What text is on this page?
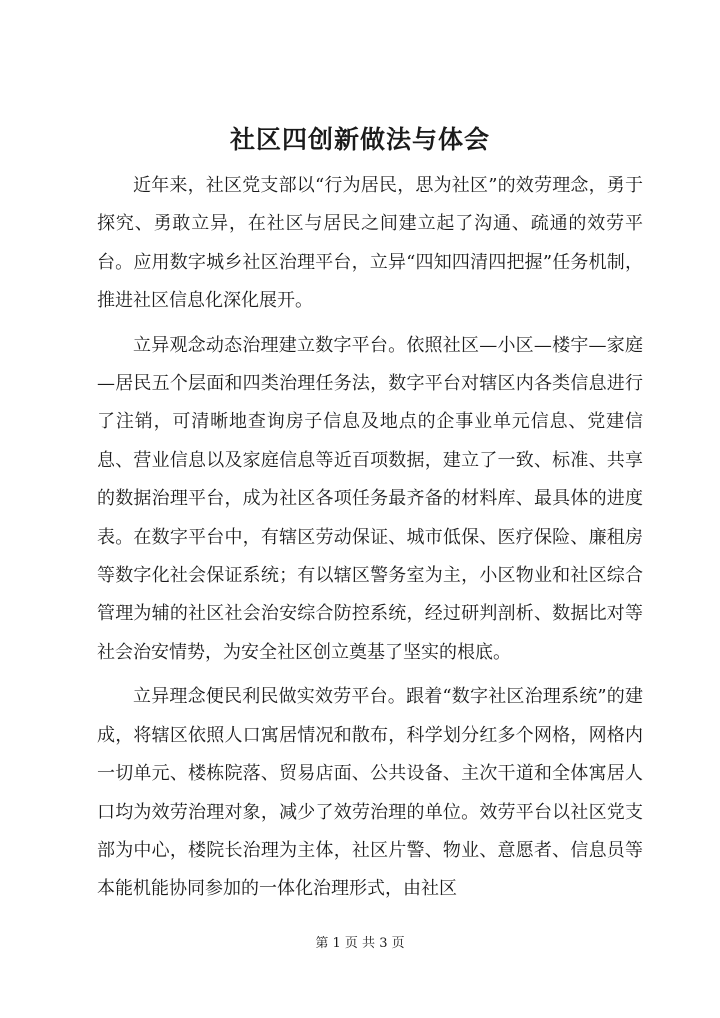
社区四创新做法与体会

近年来，社区党支部以“行为居民，思为社区”的效劳理念，勇于探究、勇敢立异，在社区与居民之间建立起了沟通、疏通的效劳平台。应用数字城乡社区治理平台，立异“四知四清四把握”任务机制，推进社区信息化深化展开。

立异观念动态治理建立数字平台。依照社区—小区—楼宇—家庭—居民五个层面和四类治理任务法，数字平台对辖区内各类信息进行了注销，可清晰地查询房子信息及地点的企事业单元信息、党建信息、营业信息以及家庭信息等近百项数据，建立了一致、标准、共享的数据治理平台，成为社区各项任务最齐备的材料库、最具体的进度表。在数字平台中，有辖区劳动保证、城市低保、医疗保险、廉租房等数字化社会保证系统；有以辖区警务室为主，小区物业和社区综合管理为辅的社区社会治安综合防控系统，经过研判剖析、数据比对等社会治安情势，为安全社区创立奠基了坚实的根底。

立异理念便民利民做实效劳平台。跟着“数字社区治理系统”的建成，将辖区依照人口寓居情况和散布，科学划分红多个网格，网格内一切单元、楼栋院落、贸易店面、公共设备、主次干道和全体寓居人口均为效劳治理对象，减少了效劳治理的单位。效劳平台以社区党支部为中心，楼院长治理为主体，社区片警、物业、意愿者、信息员等本能机能协同参加的一体化治理形式，由社区

第 1 页 共 3 页
